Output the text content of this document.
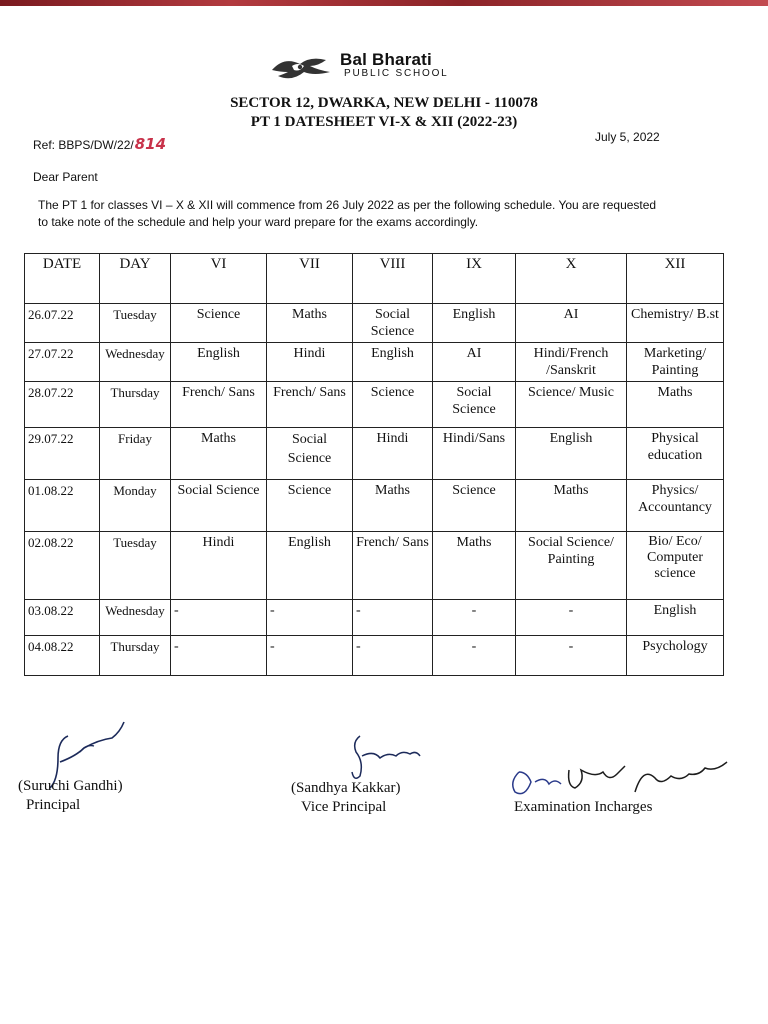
Bal Bharati
PUBLIC SCHOOL
SECTOR 12, DWARKA, NEW DELHI - 110078
PT 1 DATESHEET VI-X & XII (2022-23)
Ref: BBPS/DW/22/814	July 5, 2022
Dear Parent
The PT 1 for classes VI – X & XII will commence from 26 July 2022 as per the following schedule. You are requested to take note of the schedule and help your ward prepare for the exams accordingly.
DATE	DAY	VI	VII	VIII	IX	X	XII
26.07.22	Tuesday	Science	Maths	Social Science	English	AI	Chemistry/ B.st
27.07.22	Wednesday	English	Hindi	English	AI	Hindi/French /Sanskrit	Marketing/ Painting
28.07.22	Thursday	French/ Sans	French/ Sans	Science	Social Science	Science/ Music	Maths
29.07.22	Friday	Maths	Social Science	Hindi	Hindi/Sans	English	Physical education
01.08.22	Monday	Social Science	Science	Maths	Science	Maths	Physics/ Accountancy
02.08.22	Tuesday	Hindi	English	French/ Sans	Maths	Social Science/ Painting	Bio/ Eco/ Computer science
03.08.22	Wednesday	-	-	-	-	-	English
04.08.22	Thursday	-	-	-	-	-	Psychology
(Suruchi Gandhi)
Principal
(Sandhya Kakkar)
Vice Principal	Examination Incharges
